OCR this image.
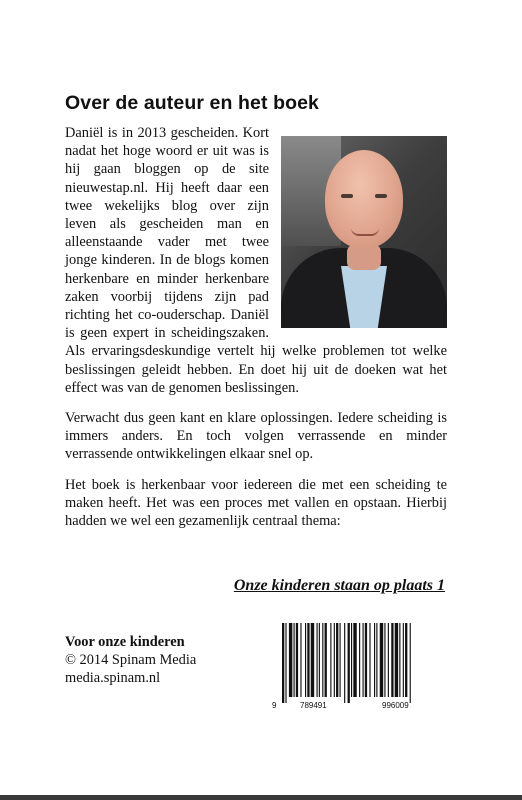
Over de auteur en het boek

Daniël is in 2013 gescheiden. Kort nadat het hoge woord er uit was is hij gaan bloggen op de site nieuwestap.nl. Hij heeft daar een twee wekelijks blog over zijn leven als gescheiden man en alleenstaande vader met twee jonge kinderen. In de blogs komen herkenbare en minder herkenbare zaken voorbij tijdens zijn pad richting het co-ouderschap. Daniël is geen expert in scheidingszaken. Als ervaringsdeskundige vertelt hij welke problemen tot welke beslissingen geleidt hebben. En doet hij uit de doeken wat het effect was van de genomen beslissingen.

Verwacht dus geen kant en klare oplossingen. Iedere scheiding is immers anders. En toch volgen verrassende en minder verrassende ontwikkelingen elkaar snel op.

Het boek is herkenbaar voor iedereen die met een scheiding te maken heeft. Het was een proces met vallen en opstaan. Hierbij hadden we wel een gezamenlijk centraal thema:

Onze kinderen staan op plaats 1
Voor onze kinderen
© 2014 Spinam Media
media.spinam.nl
9	789491	996009
